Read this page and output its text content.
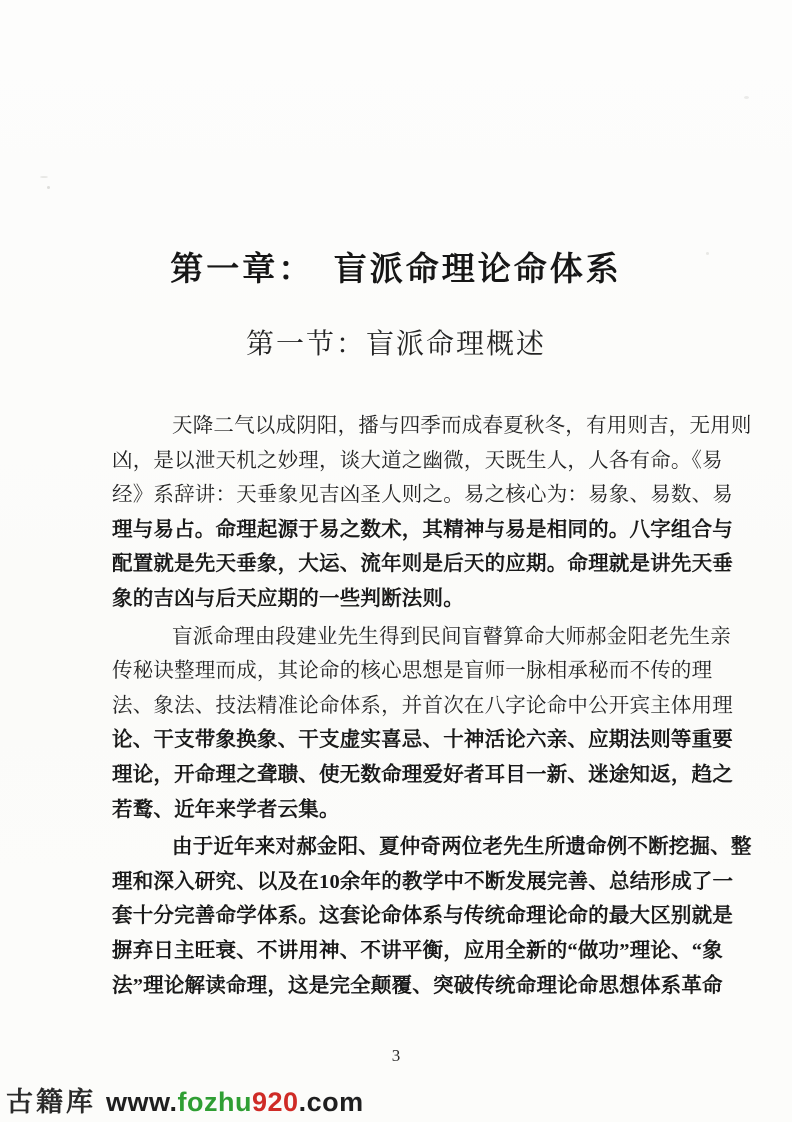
第一章：　盲派命理论命体系
第一节：盲派命理概述

天降二气以成阴阳，播与四季而成春夏秋冬，有用则吉，无用则
凶，是以泄天机之妙理，谈大道之幽微，天既生人，人各有命。《易
经》系辞讲：天垂象见吉凶圣人则之。易之核心为：易象、易数、易
理与易占。命理起源于易之数术，其精神与易是相同的。八字组合与
配置就是先天垂象，大运、流年则是后天的应期。命理就是讲先天垂
象的吉凶与后天应期的一些判断法则。

盲派命理由段建业先生得到民间盲瞽算命大师郝金阳老先生亲
传秘诀整理而成，其论命的核心思想是盲师一脉相承秘而不传的理
法、象法、技法精准论命体系，并首次在八字论命中公开宾主体用理
论、干支带象换象、干支虚实喜忌、十神活论六亲、应期法则等重要
理论，开命理之聋聩、使无数命理爱好者耳目一新、迷途知返，趋之
若鹜、近年来学者云集。

由于近年来对郝金阳、夏仲奇两位老先生所遗命例不断挖掘、整
理和深入研究、以及在10余年的教学中不断发展完善、总结形成了一
套十分完善命学体系。这套论命体系与传统命理论命的最大区别就是
摒弃日主旺衰、不讲用神、不讲平衡，应用全新的“做功”理论、“象
法”理论解读命理，这是完全颠覆、突破传统命理论命思想体系革命

3
古籍库 www.fozhu920.com
